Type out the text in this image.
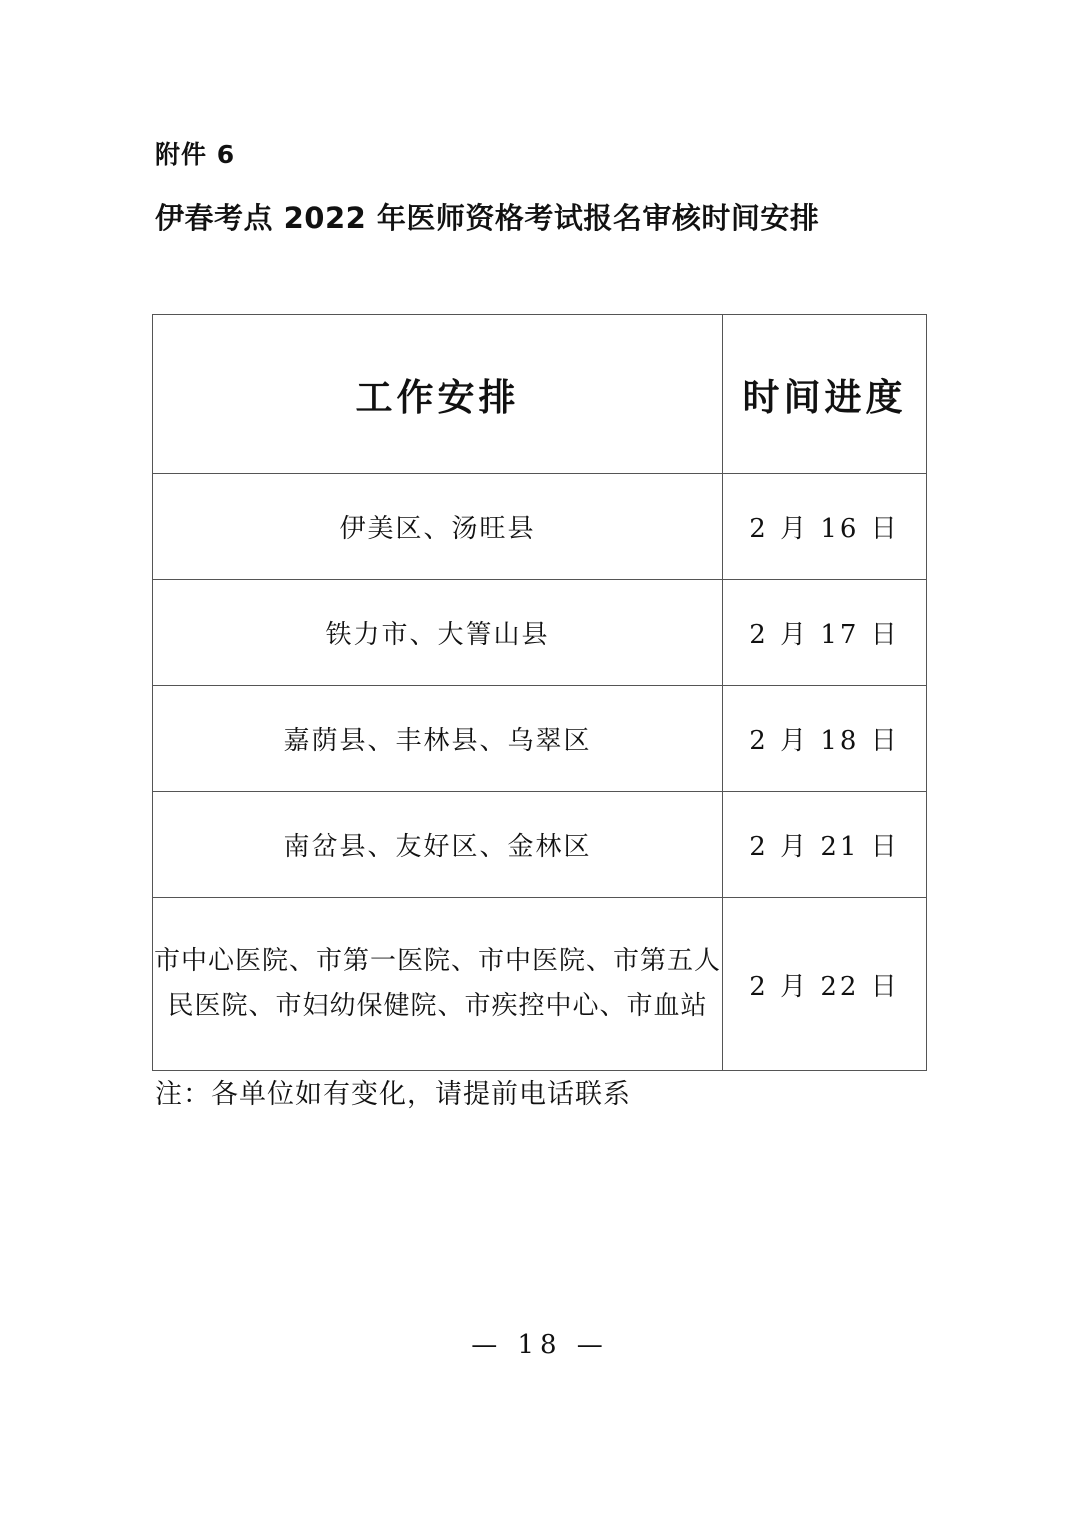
附件 6
伊春考点 2022 年医师资格考试报名审核时间安排
工作安排	时间进度
伊美区、汤旺县	2 月 16 日
铁力市、大箐山县	2 月 17 日
嘉荫县、丰林县、乌翠区	2 月 18 日
南岔县、友好区、金林区	2 月 21 日
市中心医院、市第一医院、市中医院、市第五人民医院、市妇幼保健院、市疾控中心、市血站	2 月 22 日
注：各单位如有变化，请提前电话联系
— 18 —
